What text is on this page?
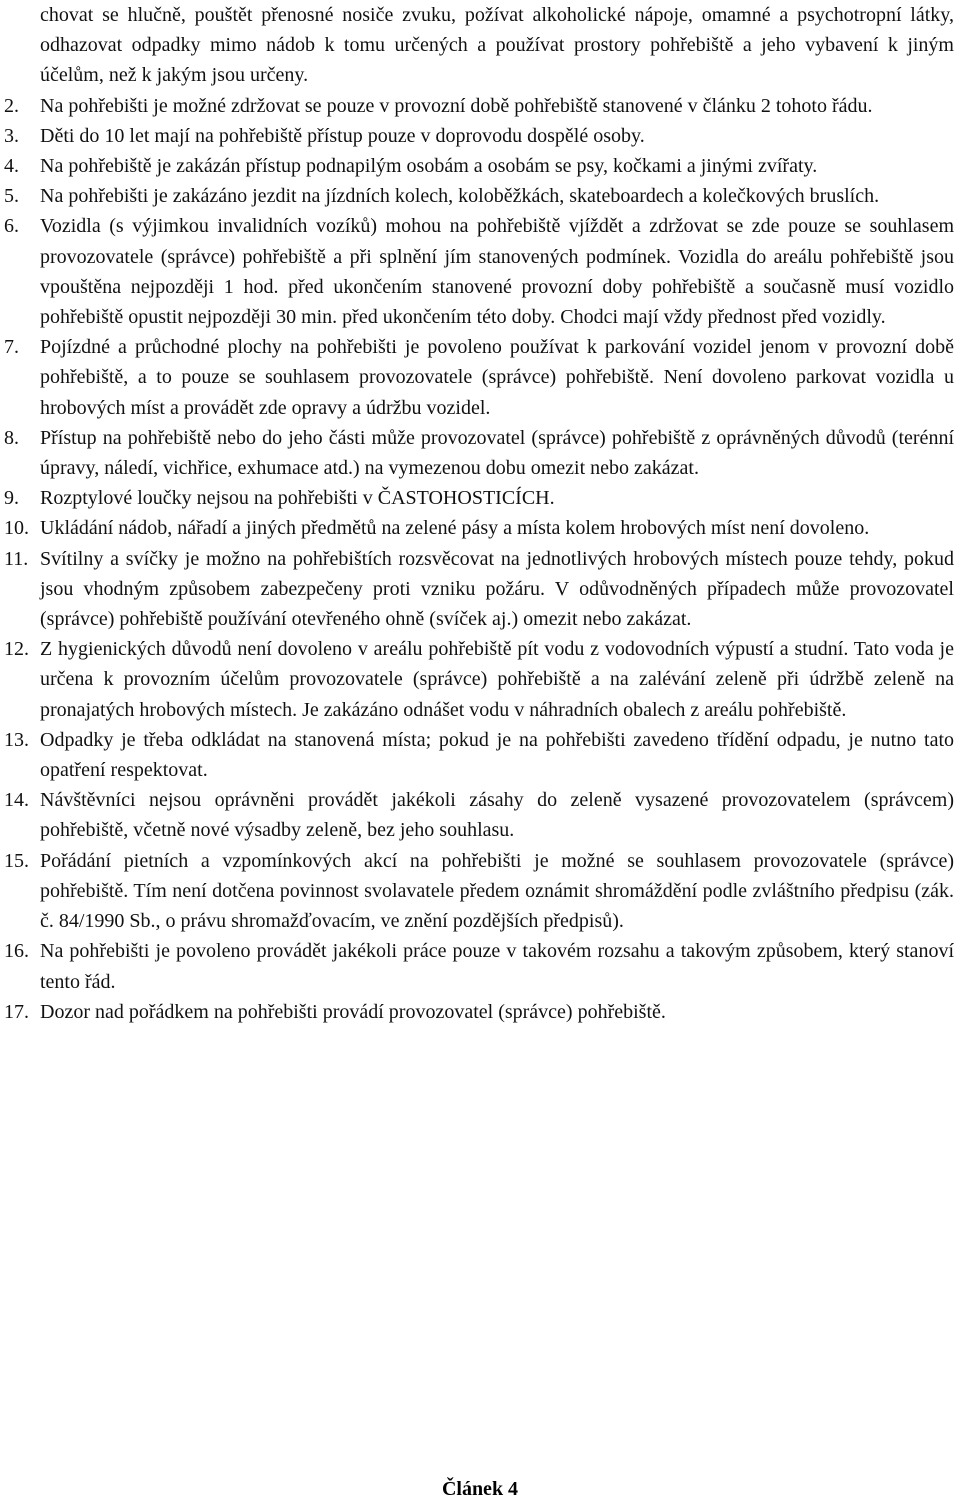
chovat se hlučně, pouštět přenosné nosiče zvuku, požívat alkoholické nápoje, omamné a psychotropní látky, odhazovat odpadky mimo nádob k tomu určených a používat prostory pohřebiště a jeho vybavení k jiným účelům, než k jakým jsou určeny.

2.	Na pohřebišti je možné zdržovat se pouze v provozní době pohřebiště stanovené v článku 2 tohoto řádu.
3.	Děti do 10 let mají na pohřebiště přístup pouze v doprovodu dospělé osoby.
4.	Na pohřebiště je zakázán přístup podnapilým osobám a osobám se psy, kočkami a jinými zvířaty.
5.	Na pohřebišti je zakázáno jezdit na jízdních kolech, koloběžkách, skateboardech a kolečkových bruslích.
6.	Vozidla (s výjimkou invalidních vozíků) mohou na pohřebiště vjíždět a zdržovat se zde pouze se souhlasem provozovatele (správce) pohřebiště a při splnění jím stanovených podmínek. Vozidla do areálu pohřebiště jsou vpouštěna nejpozději 1 hod. před ukončením stanovené provozní doby pohřebiště a současně musí vozidlo pohřebiště opustit nejpozději 30 min. před ukončením této doby. Chodci mají vždy přednost před vozidly.
7.	Pojízdné a průchodné plochy na pohřebišti je povoleno používat k parkování vozidel jenom v provozní době pohřebiště, a to pouze se souhlasem provozovatele (správce) pohřebiště. Není dovoleno parkovat vozidla u hrobových míst a provádět zde opravy a údržbu vozidel.
8.	Přístup na pohřebiště nebo do jeho části může provozovatel (správce) pohřebiště z oprávněných důvodů (terénní úpravy, náledí, vichřice, exhumace atd.) na vymezenou dobu omezit nebo zakázat.
9.	Rozptylové loučky nejsou na pohřebišti v ČASTOHOSTICÍCH.
10. Ukládání nádob, nářadí a jiných předmětů na zelené pásy a místa kolem hrobových míst není dovoleno.
11. Svítilny a svíčky je možno na pohřebištích rozsvěcovat na jednotlivých hrobových místech pouze tehdy, pokud jsou vhodným způsobem zabezpečeny proti vzniku požáru. V odůvodněných případech může provozovatel (správce) pohřebiště používání otevřeného ohně (svíček aj.) omezit nebo zakázat.
12. Z hygienických důvodů není dovoleno v areálu pohřebiště pít vodu z vodovodních výpustí a studní. Tato voda je určena k provozním účelům provozovatele (správce) pohřebiště a na zalévání zeleně při údržbě zeleně na pronajatých hrobových místech. Je zakázáno odnášet vodu v náhradních obalech z areálu pohřebiště.
13. Odpadky je třeba odkládat na stanovená místa; pokud je na pohřebišti zavedeno třídění odpadu, je nutno tato opatření respektovat.
14. Návštěvníci nejsou oprávněni provádět jakékoli zásahy do zeleně vysazené provozovatelem (správcem) pohřebiště, včetně nové výsadby zeleně, bez jeho souhlasu.
15. Pořádání pietních a vzpomínkových akcí na pohřebišti je možné se souhlasem provozovatele (správce) pohřebiště. Tím není dotčena povinnost svolavatele předem oznámit shromáždění podle zvláštního předpisu (zák. č. 84/1990 Sb., o právu shromažďovacím, ve znění pozdějších předpisů).
16. Na pohřebišti je povoleno provádět jakékoli práce pouze v takovém rozsahu a takovým způsobem, který stanoví tento řád.
17. Dozor nad pořádkem na pohřebišti provádí provozovatel (správce) pohřebiště.
Článek 4
